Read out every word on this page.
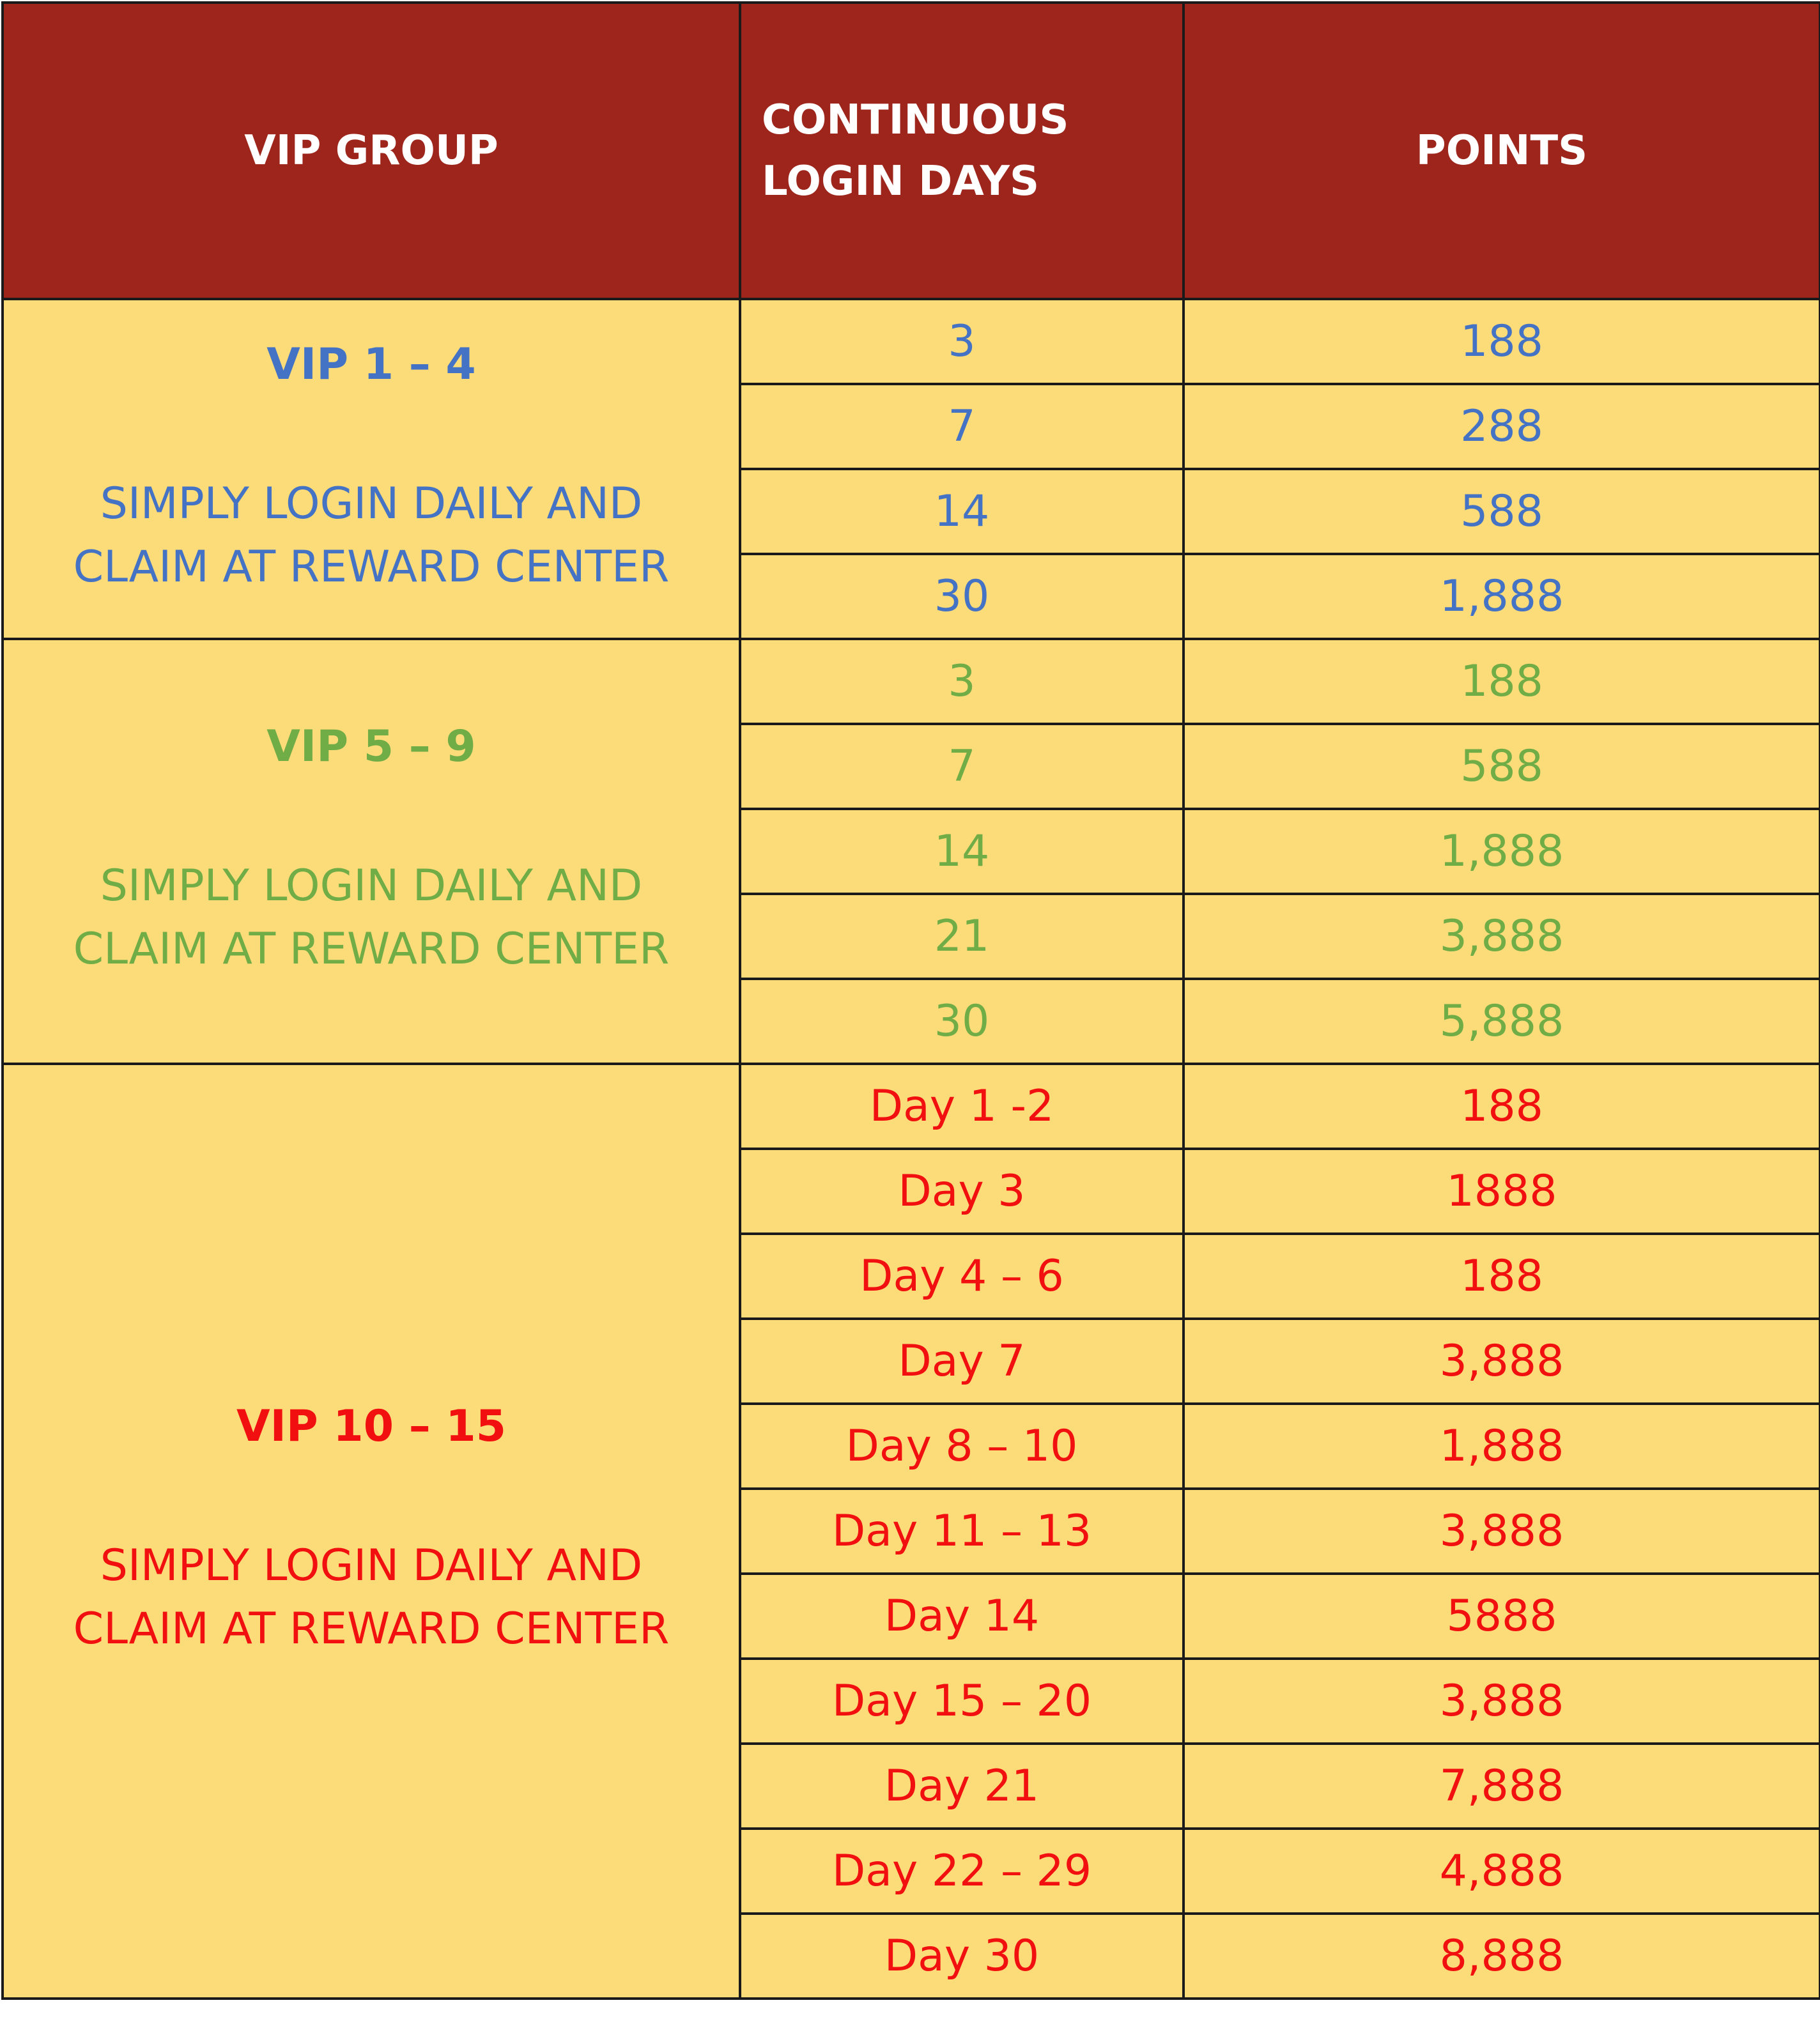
VIP GROUP	CONTINUOUS LOGIN DAYS	POINTS

VIP 1 – 4
SIMPLY LOGIN DAILY AND CLAIM AT REWARD CENTER	3	188
	7	288
	14	588
	30	1,888

VIP 5 – 9
SIMPLY LOGIN DAILY AND CLAIM AT REWARD CENTER	3	188
	7	588
	14	1,888
	21	3,888
	30	5,888

VIP 10 – 15
SIMPLY LOGIN DAILY AND CLAIM AT REWARD CENTER	Day 1 -2	188
	Day 3	1888
	Day 4 – 6	188
	Day 7	3,888
	Day 8 – 10	1,888
	Day 11 – 13	3,888
	Day 14	5888
	Day 15 – 20	3,888
	Day 21	7,888
	Day 22 – 29	4,888
	Day 30	8,888
